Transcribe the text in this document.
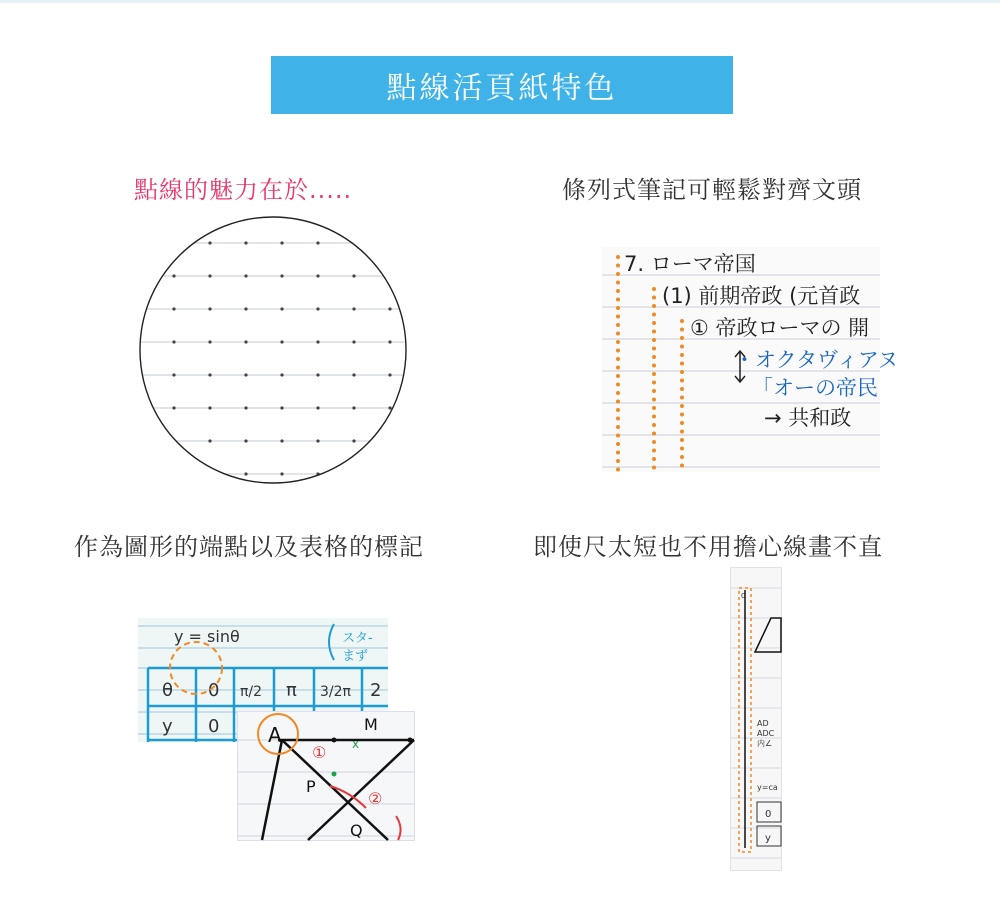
點線活頁紙特色
點線的魅力在於.....	條列式筆記可輕鬆對齊文頭
7. ローマ帝国
(1) 前期帝政 (元首政
① 帝政ローマの 開
・オクタヴィアヌ
「オーの帝民
→ 共和政
作為圖形的端點以及表格的標記
y = sinθ	スタ-
まず
θ 0 π/2 π 3/2π 2
y 0 A	M
P
Q
x
①
②
即使尺太短也不用擔心線畫不直
0
AD
ADC
内∠
y=ca
0
y
